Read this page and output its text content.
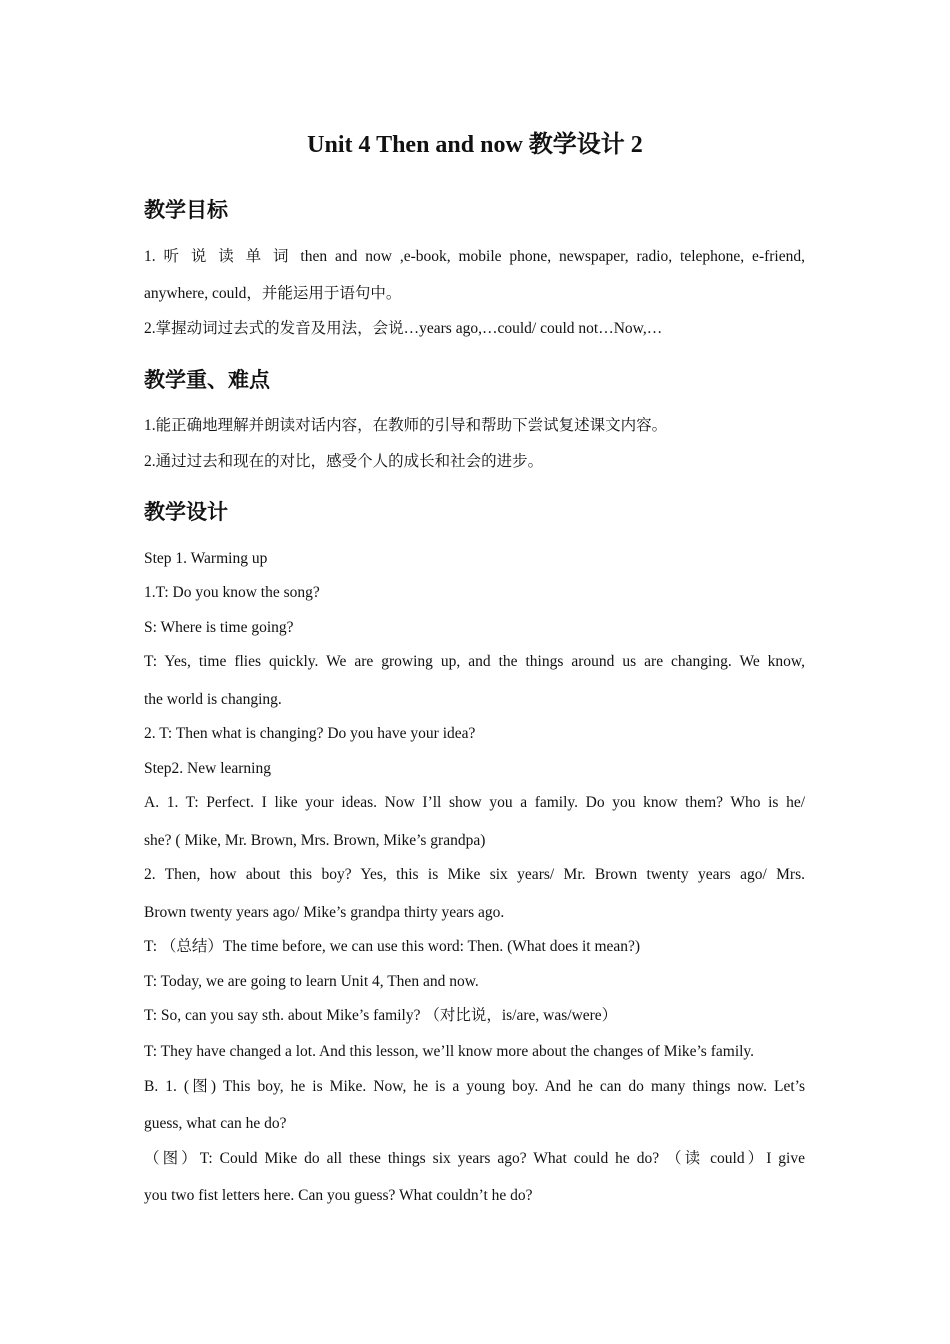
Unit 4 Then and now 教学设计 2
教学目标
1. 听 说 读 单 词 then and now ,e-book, mobile phone, newspaper, radio, telephone, e-friend,
anywhere, could，并能运用于语句中。
2.掌握动词过去式的发音及用法，会说…years ago,…could/ could not…Now,…
教学重、难点
1.能正确地理解并朗读对话内容，在教师的引导和帮助下尝试复述课文内容。
2.通过过去和现在的对比，感受个人的成长和社会的进步。
教学设计
Step 1. Warming up
1.T: Do you know the song?
S: Where is time going?
T: Yes, time flies quickly. We are growing up, and the things around us are changing. We know,
the world is changing.
2. T: Then what is changing? Do you have your idea?
Step2. New learning
A. 1. T: Perfect. I like your ideas. Now I’ll show you a family. Do you know them? Who is he/
she? ( Mike, Mr. Brown, Mrs. Brown, Mike’s grandpa)
2. Then, how about this boy? Yes, this is Mike six years/ Mr. Brown twenty years ago/ Mrs.
Brown twenty years ago/ Mike’s grandpa thirty years ago.
T: （总结）The time before, we can use this word: Then. (What does it mean?)
T: Today, we are going to learn Unit 4, Then and now.
T: So, can you say sth. about Mike’s family? （对比说，is/are, was/were）
T: They have changed a lot. And this lesson, we’ll know more about the changes of Mike’s family.
B. 1. (图) This boy, he is Mike. Now, he is a young boy. And he can do many things now. Let’s
guess, what can he do?
（图）T: Could Mike do all these things six years ago? What could he do? （读 could）I give
you two fist letters here. Can you guess? What couldn’t he do?
